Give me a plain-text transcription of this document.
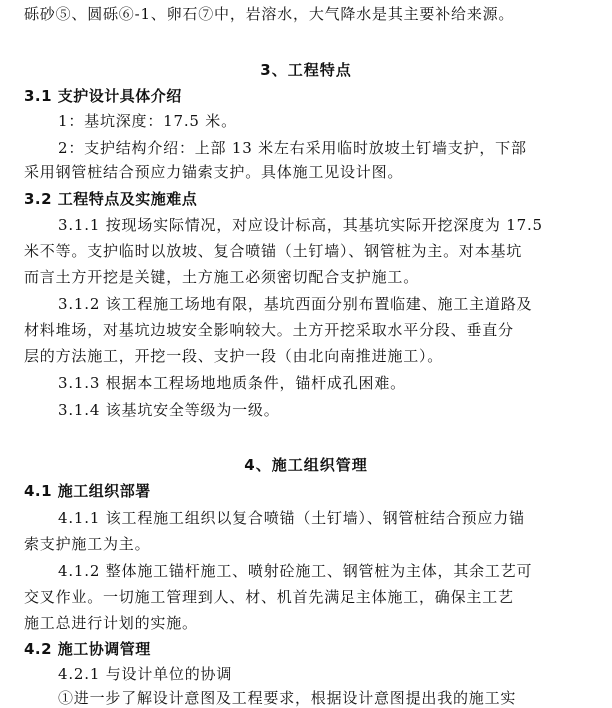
砾砂⑤、圆砾⑥-1、卵石⑦中，岩溶水，大气降水是其主要补给来源。
3、工程特点
3.1 支护设计具体介绍
1：基坑深度：17.5 米。
2：支护结构介绍：上部 13 米左右采用临时放坡土钉墙支护，下部
采用钢管桩结合预应力锚索支护。具体施工见设计图。
3.2 工程特点及实施难点
3.1.1 按现场实际情况，对应设计标高，其基坑实际开挖深度为 17.5
米不等。支护临时以放坡、复合喷锚（土钉墙）、钢管桩为主。对本基坑
而言土方开挖是关键，土方施工必须密切配合支护施工。
3.1.2 该工程施工场地有限，基坑西面分别布置临建、施工主道路及
材料堆场，对基坑边坡安全影响较大。土方开挖采取水平分段、垂直分
层的方法施工，开挖一段、支护一段（由北向南推进施工）。
3.1.3 根据本工程场地地质条件，锚杆成孔困难。
3.1.4 该基坑安全等级为一级。
4、施工组织管理
4.1 施工组织部署
4.1.1 该工程施工组织以复合喷锚（土钉墙）、钢管桩结合预应力锚
索支护施工为主。
4.1.2 整体施工锚杆施工、喷射砼施工、钢管桩为主体，其余工艺可
交叉作业。一切施工管理到人、材、机首先满足主体施工，确保主工艺
施工总进行计划的实施。
4.2 施工协调管理
4.2.1 与设计单位的协调
①进一步了解设计意图及工程要求，根据设计意图提出我的施工实
